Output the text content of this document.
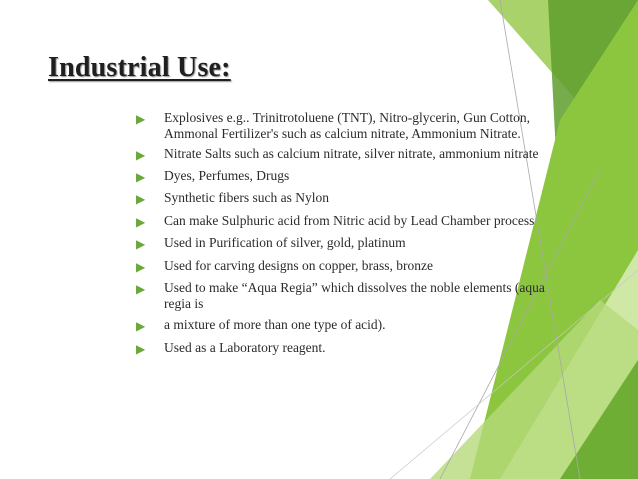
Industrial Use:
▶	Explosives e.g.. Trinitrotoluene (TNT), Nitro-glycerin, Gun Cotton,
Ammonal Fertilizer's such as calcium nitrate, Ammonium Nitrate.
▶	Nitrate Salts such as calcium nitrate, silver nitrate, ammonium nitrate
▶	Dyes, Perfumes, Drugs
▶	Synthetic fibers such as Nylon
▶	Can make Sulphuric acid from Nitric acid by Lead Chamber process
▶	Used in Purification of silver, gold, platinum
▶	Used for carving designs on copper, brass, bronze
▶	Used to make “Aqua Regia” which dissolves the noble elements (aqua
regia is
▶	a mixture of more than one type of acid).
▶	Used as a Laboratory reagent.
